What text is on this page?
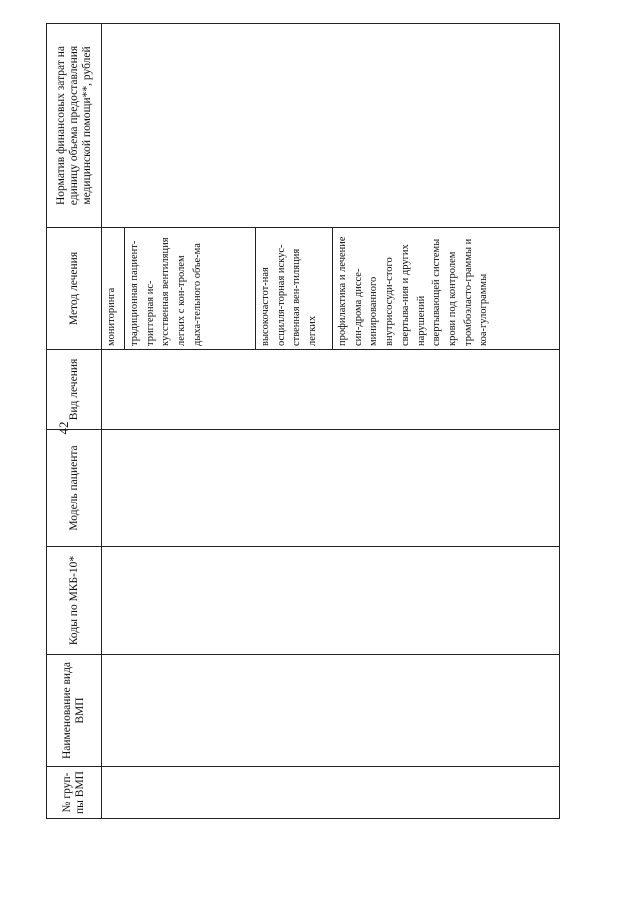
42
№ груп-пы ВМП	Наименование вида ВМП	Коды по МКБ-10*	Модель пациента	Вид лечения	Метод лечения	Норматив финансовых затрат на единицу объема предоставления медицинской помощи**, рублей

					мониторинга традиционная пациент-триггерная ис-кусственная вентиляция легких с кон-тролем дыха-тельного объе-ма высокочастот-ная осцилля-торная искус-ственная вен-тиляция легких профилактика и лечение син-дрома диссе-минированного внутрисосуди-стого свертыва-ния и других нарушений свертывающей системы крови под контролем тромбоэласто-граммы и коа-гулограммы	
